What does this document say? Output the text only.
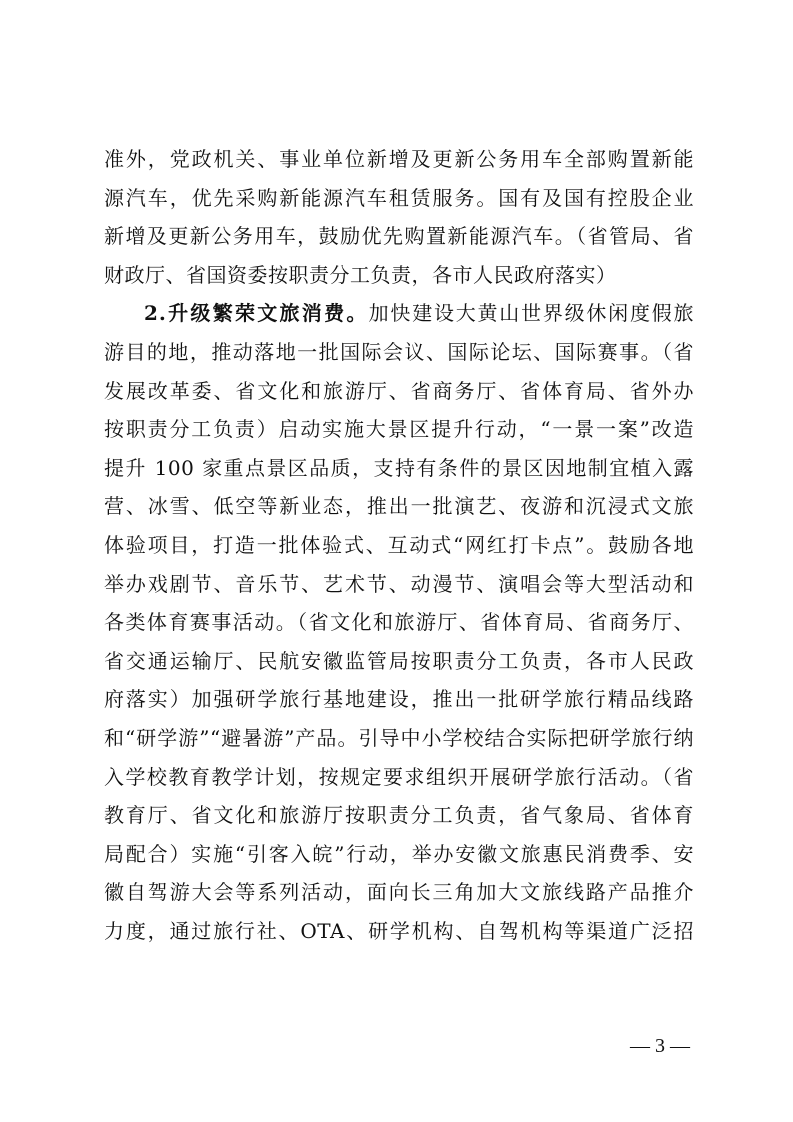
准外，党政机关、事业单位新增及更新公务用车全部购置新能
源汽车，优先采购新能源汽车租赁服务。国有及国有控股企业
新增及更新公务用车，鼓励优先购置新能源汽车。（省管局、省
财政厅、省国资委按职责分工负责，各市人民政府落实）
2.升级繁荣文旅消费。加快建设大黄山世界级休闲度假旅
游目的地，推动落地一批国际会议、国际论坛、国际赛事。（省
发展改革委、省文化和旅游厅、省商务厅、省体育局、省外办
按职责分工负责）启动实施大景区提升行动，“一景一案”改造
提升 100 家重点景区品质，支持有条件的景区因地制宜植入露
营、冰雪、低空等新业态，推出一批演艺、夜游和沉浸式文旅
体验项目，打造一批体验式、互动式“网红打卡点”。鼓励各地
举办戏剧节、音乐节、艺术节、动漫节、演唱会等大型活动和
各类体育赛事活动。（省文化和旅游厅、省体育局、省商务厅、
省交通运输厅、民航安徽监管局按职责分工负责，各市人民政
府落实）加强研学旅行基地建设，推出一批研学旅行精品线路
和“研学游”“避暑游”产品。引导中小学校结合实际把研学旅行纳
入学校教育教学计划，按规定要求组织开展研学旅行活动。（省
教育厅、省文化和旅游厅按职责分工负责，省气象局、省体育
局配合）实施“引客入皖”行动，举办安徽文旅惠民消费季、安
徽自驾游大会等系列活动，面向长三角加大文旅线路产品推介
力度，通过旅行社、OTA、研学机构、自驾机构等渠道广泛招
— 3 —
